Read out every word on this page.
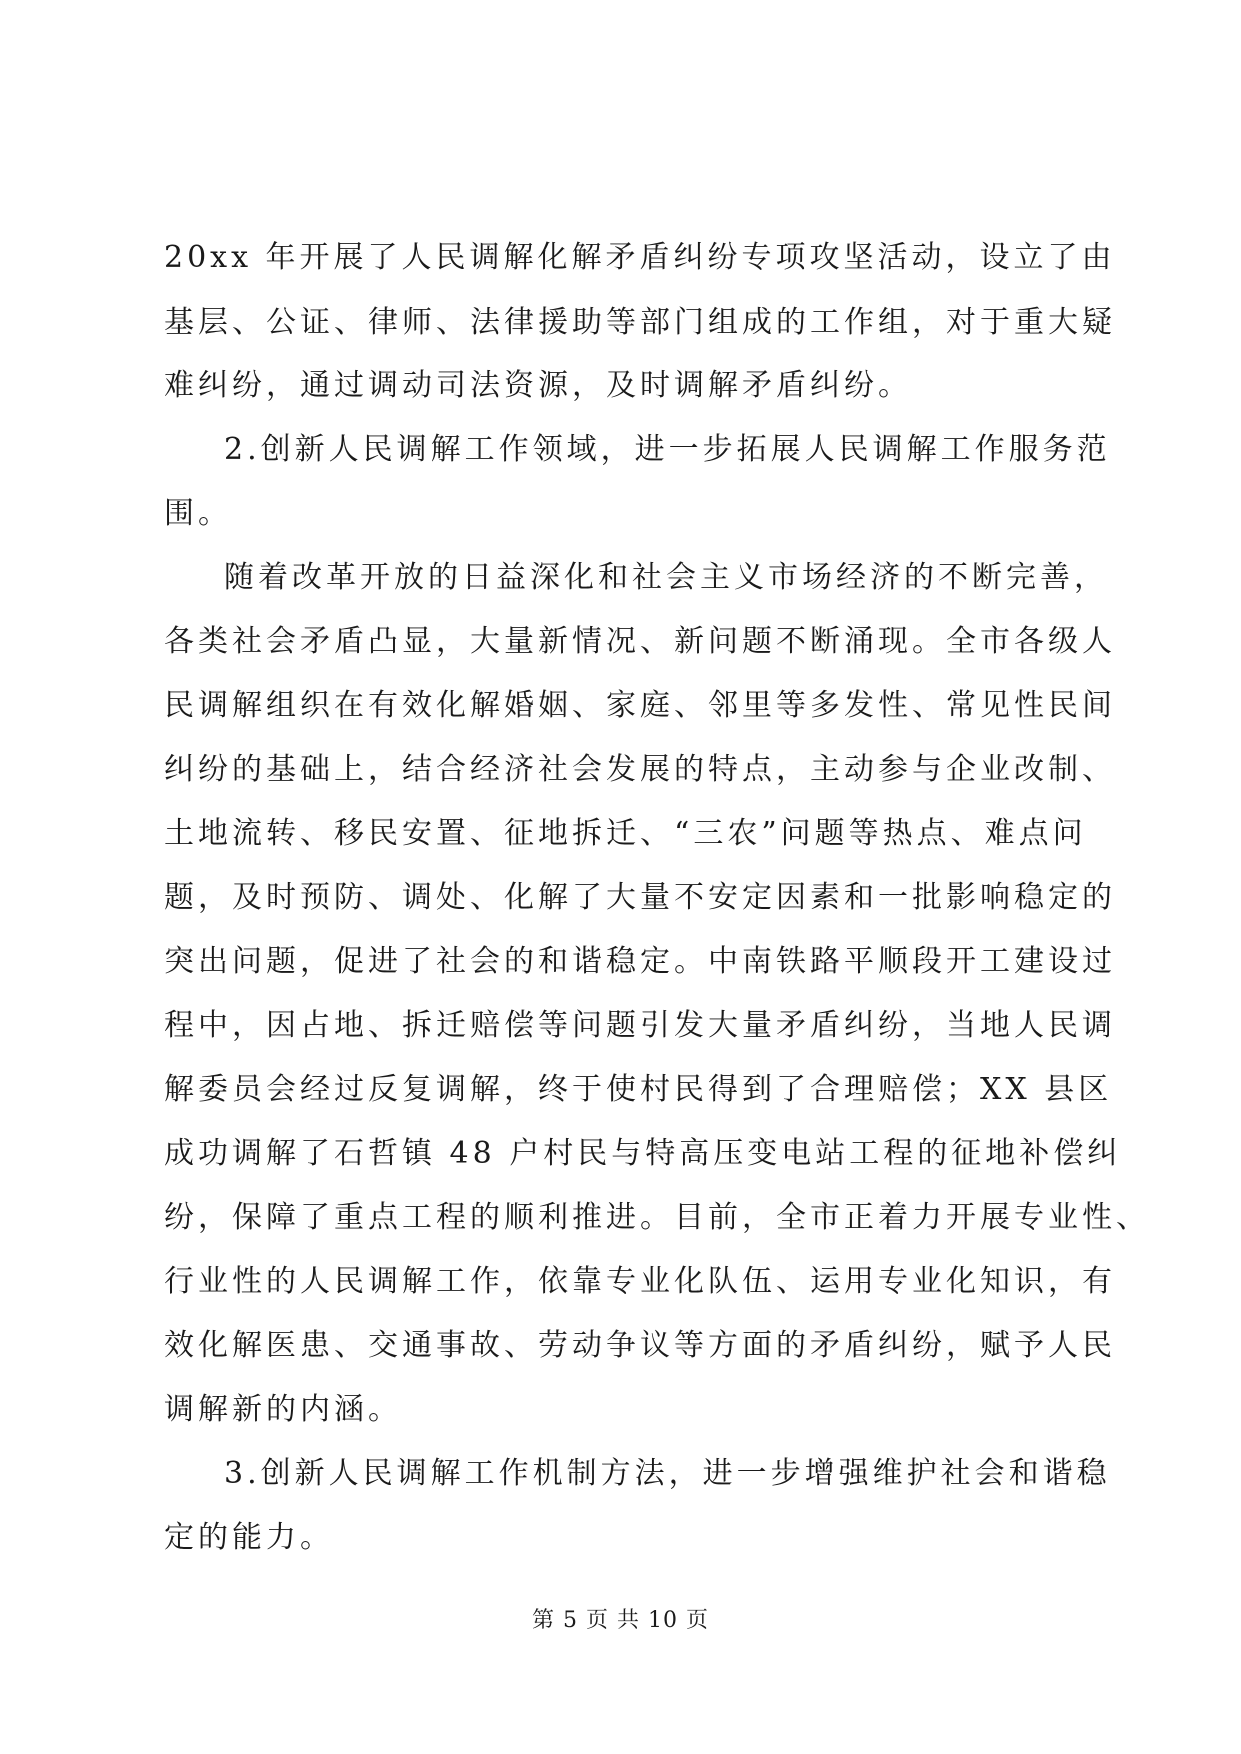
20xx 年开展了人民调解化解矛盾纠纷专项攻坚活动，设立了由
基层、公证、律师、法律援助等部门组成的工作组，对于重大疑
难纠纷，通过调动司法资源，及时调解矛盾纠纷。
2.创新人民调解工作领域，进一步拓展人民调解工作服务范
围。
随着改革开放的日益深化和社会主义市场经济的不断完善，
各类社会矛盾凸显，大量新情况、新问题不断涌现。全市各级人
民调解组织在有效化解婚姻、家庭、邻里等多发性、常见性民间
纠纷的基础上，结合经济社会发展的特点，主动参与企业改制、
土地流转、移民安置、征地拆迁、“三农”问题等热点、难点问
题，及时预防、调处、化解了大量不安定因素和一批影响稳定的
突出问题，促进了社会的和谐稳定。中南铁路平顺段开工建设过
程中，因占地、拆迁赔偿等问题引发大量矛盾纠纷，当地人民调
解委员会经过反复调解，终于使村民得到了合理赔偿；XX 县区
成功调解了石哲镇 48 户村民与特高压变电站工程的征地补偿纠
纷，保障了重点工程的顺利推进。目前，全市正着力开展专业性、
行业性的人民调解工作，依靠专业化队伍、运用专业化知识，有
效化解医患、交通事故、劳动争议等方面的矛盾纠纷，赋予人民
调解新的内涵。
3.创新人民调解工作机制方法，进一步增强维护社会和谐稳
定的能力。
第 5 页 共 10 页
